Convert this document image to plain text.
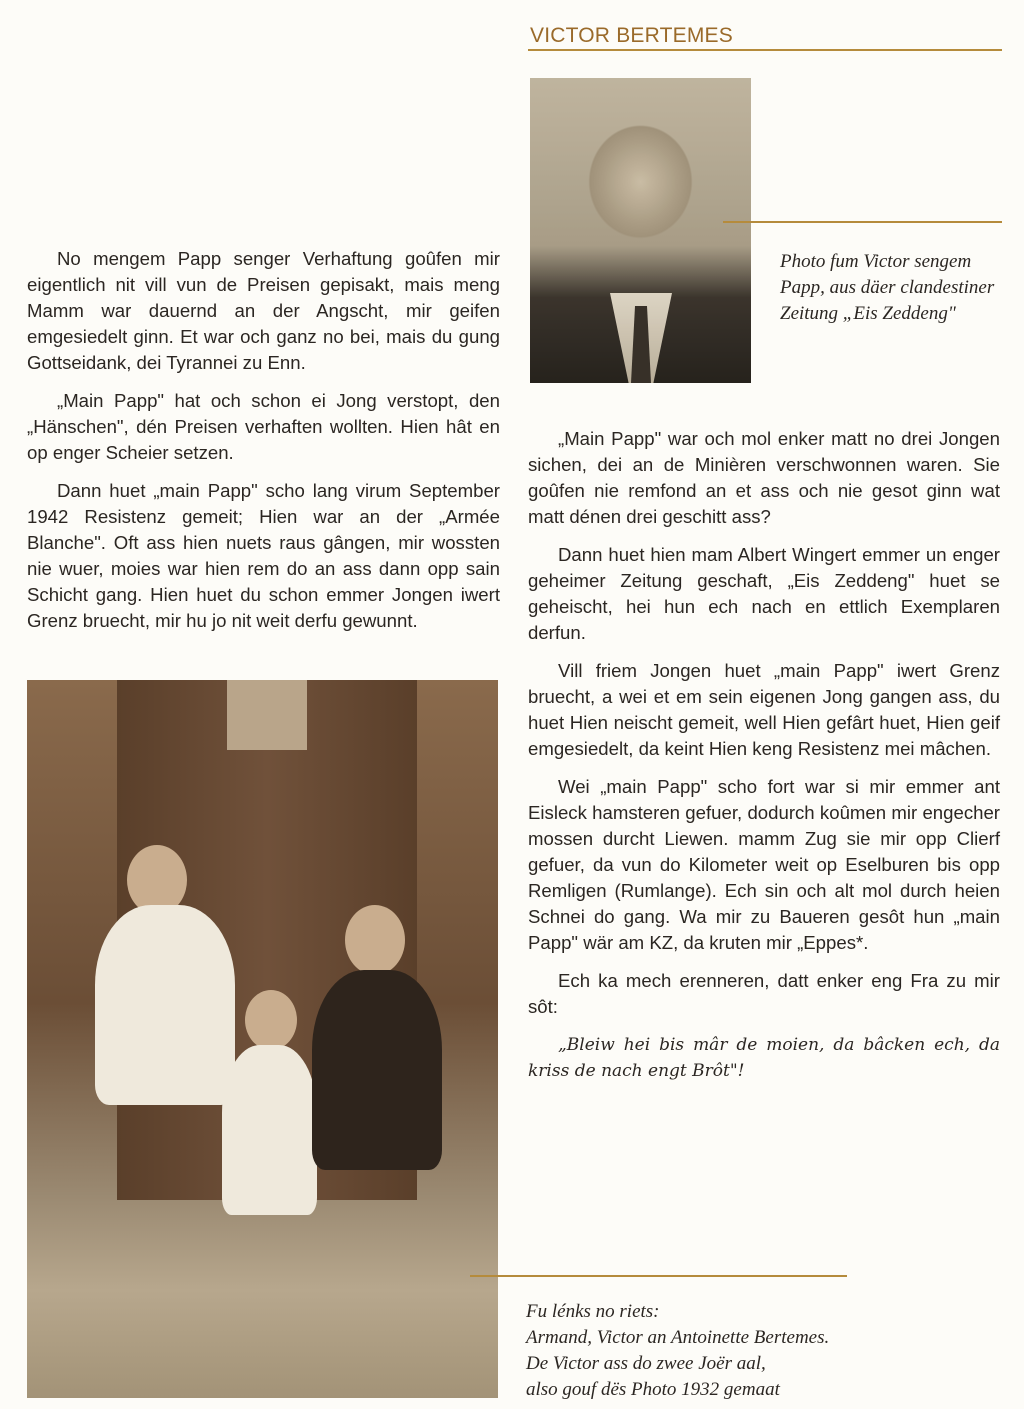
VICTOR BERTEMES
Photo fum Victor sengem
Papp, aus däer clandestiner
Zeitung „Eis Zeddeng"

No mengem Papp senger Verhaftung goûfen mir eigentlich nit vill vun de Preisen gepisakt, mais meng Mamm war dauernd an der Angscht, mir geifen emgesiedelt ginn. Et war och ganz no bei, mais du gung Gottseidank, dei Tyrannei zu Enn.

„Main Papp" hat och schon ei Jong verstopt, den „Hänschen", dén Preisen verhaften wollten. Hien hât en op enger Scheier setzen.

Dann huet „main Papp" scho lang virum September 1942 Resistenz gemeit; Hien war an der „Armée Blanche". Oft ass hien nuets raus gângen, mir wossten nie wuer, moies war hien rem do an ass dann opp sain Schicht gang. Hien huet du schon emmer Jongen iwert Grenz bruecht, mir hu jo nit weit derfu gewunnt.

„Main Papp" war och mol enker matt no drei Jongen sichen, dei an de Minièren verschwonnen waren. Sie goûfen nie remfond an et ass och nie gesot ginn wat matt dénen drei geschitt ass?

Dann huet hien mam Albert Wingert emmer un enger geheimer Zeitung geschaft, „Eis Zeddeng" huet se geheischt, hei hun ech nach en ettlich Exemplaren derfun.

Vill friem Jongen huet „main Papp" iwert Grenz bruecht, a wei et em sein eigenen Jong gangen ass, du huet Hien neischt gemeit, well Hien gefârt huet, Hien geif emgesiedelt, da keint Hien keng Resistenz mei mâchen.

Wei „main Papp" scho fort war si mir emmer ant Eisleck hamsteren gefuer, dodurch koûmen mir engecher mossen durcht Liewen. mamm Zug sie mir opp Clierf gefuer, da vun do Kilometer weit op Eselburen bis opp Remligen (Rumlange). Ech sin och alt mol durch heien Schnei do gang. Wa mir zu Baueren gesôt hun „main Papp" wär am KZ, da kruten mir „Eppes*.

Ech ka mech erenneren, datt enker eng Fra zu mir sôt:

„Bleiw hei bis mâr de moien, da bâcken ech, da kriss de nach engt Brôt"!

Fu lénks no riets:
Armand, Victor an Antoinette Bertemes.
De Victor ass do zwee Joër aal,
also gouf dës Photo 1932 gemaat
